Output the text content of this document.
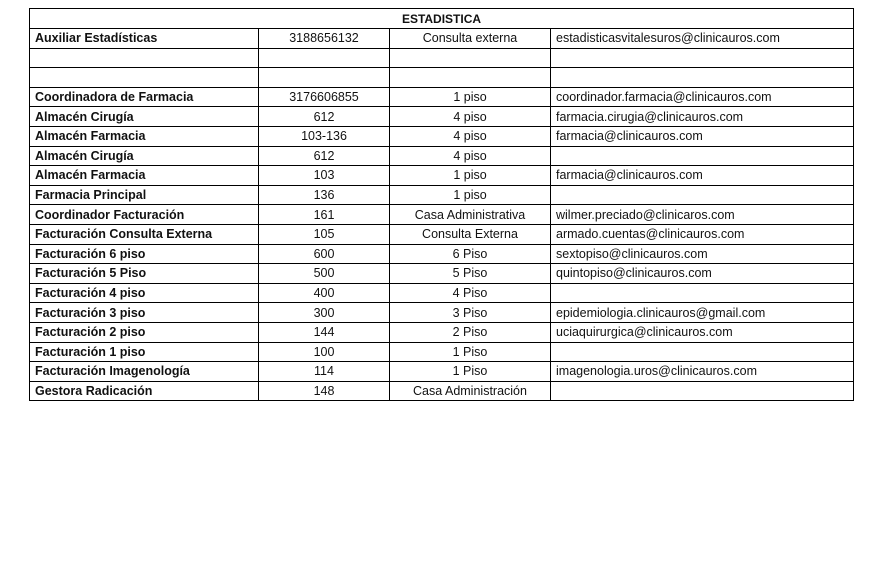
ESTADISTICA			
Auxiliar Estadísticas	3188656132	Consulta externa	estadisticasvitalesuros@clinicauros.com

Coordinadora de Farmacia	3176606855	1 piso	coordinador.farmacia@clinicauros.com
Almacén Cirugía	612	4 piso	farmacia.cirugia@clinicauros.com
Almacén Farmacia	103-136	4 piso	farmacia@clinicauros.com
Almacén Cirugía	612	4 piso	
Almacén Farmacia	103	1 piso	farmacia@clinicauros.com
Farmacia Principal	136	1 piso	
Coordinador Facturación	161	Casa Administrativa	wilmer.preciado@clinicaros.com
Facturación Consulta Externa	105	Consulta Externa	armado.cuentas@clinicauros.com
Facturación 6 piso	600	6 Piso	sextopiso@clinicauros.com
Facturación 5 Piso	500	5 Piso	quintopiso@clinicauros.com
Facturación 4 piso	400	4 Piso	
Facturación 3 piso	300	3 Piso	epidemiologia.clinicauros@gmail.com
Facturación 2 piso	144	2 Piso	uciaquirurgica@clinicauros.com
Facturación 1 piso	100	1 Piso	
Facturación Imagenología	114	1 Piso	imagenologia.uros@clinicauros.com
Gestora Radicación	148	Casa Administración	
